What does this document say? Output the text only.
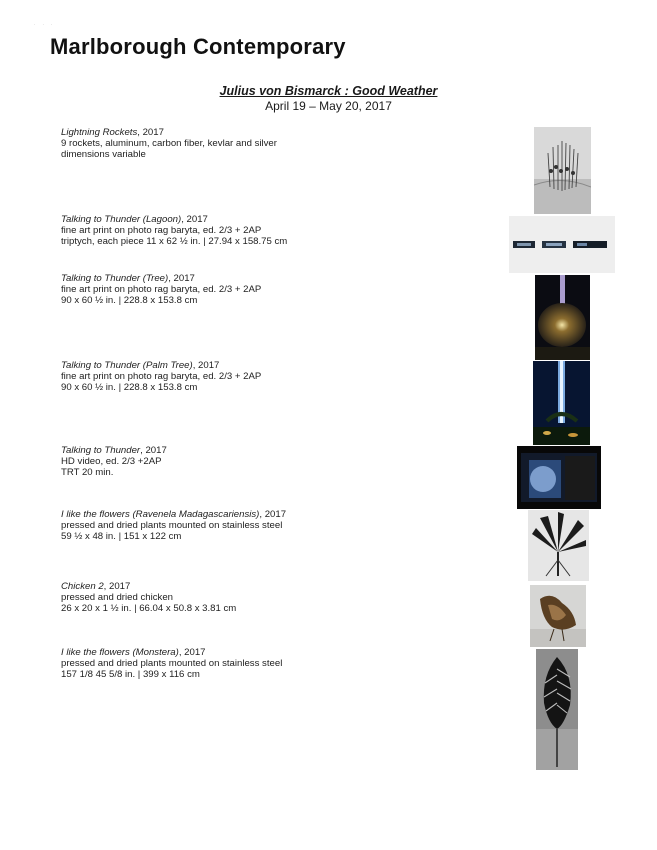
· · ·
Marlborough Contemporary
Julius von Bismarck : Good Weather
April 19 – May 20, 2017
Lightning Rockets, 2017
9 rockets, aluminum, carbon fiber, kevlar and silver
dimensions variable
Talking to Thunder (Lagoon), 2017
fine art print on photo rag baryta, ed. 2/3 + 2AP
triptych, each piece 11 x 62 ½ in. | 27.94 x 158.75 cm
Talking to Thunder (Tree), 2017
fine art print on photo rag baryta, ed. 2/3 + 2AP
90 x 60 ½ in. | 228.8 x 153.8 cm
Talking to Thunder (Palm Tree), 2017
fine art print on photo rag baryta, ed. 2/3 + 2AP
90 x 60 ½ in. | 228.8 x 153.8 cm
Talking to Thunder, 2017
HD video, ed. 2/3 +2AP
TRT 20 min.
I like the flowers (Ravenela Madagascariensis), 2017
pressed and dried plants mounted on stainless steel
59 ½ x 48 in. | 151 x 122 cm
Chicken 2, 2017
pressed and dried chicken
26 x 20 x 1 ½ in. | 66.04 x 50.8 x 3.81 cm
I like the flowers (Monstera), 2017
pressed and dried plants mounted on stainless steel
157 1/8 45 5/8 in. | 399 x 116 cm
